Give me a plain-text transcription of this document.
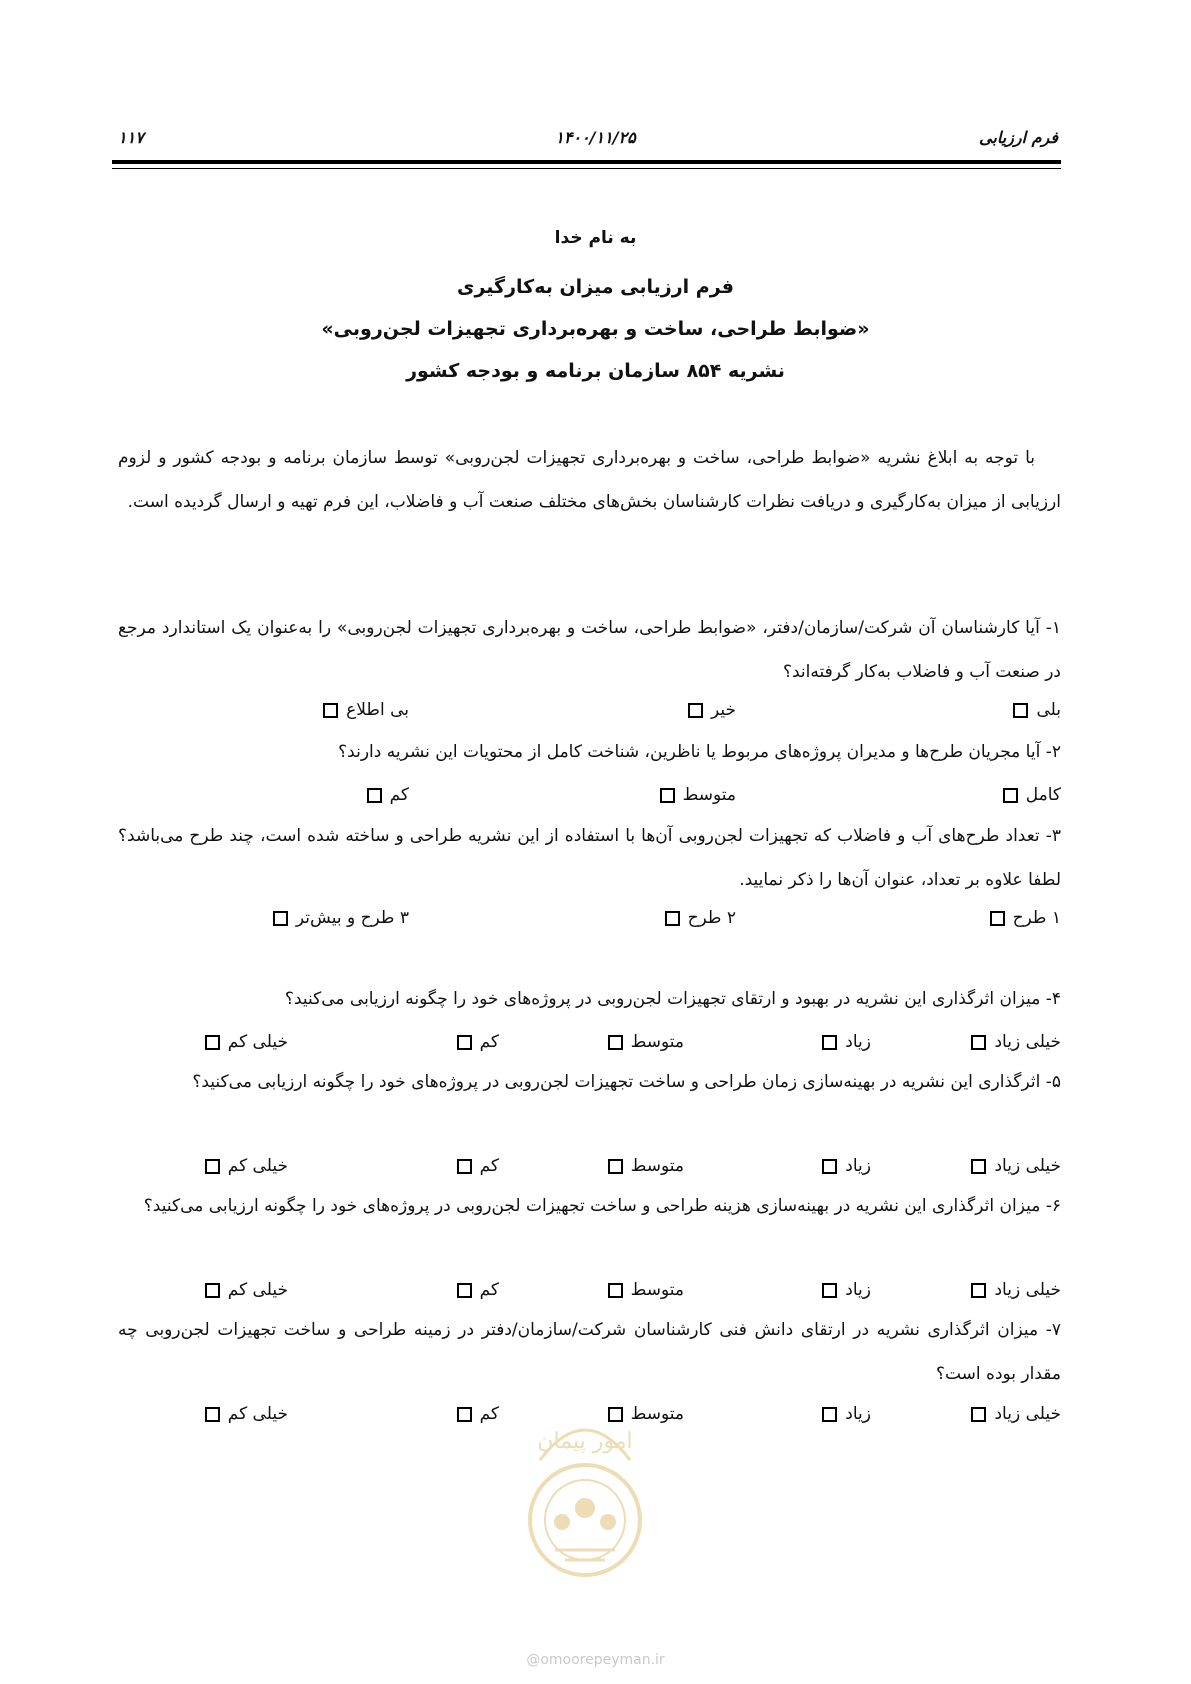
فرم ارزیابی
۱۴۰۰/۱۱/۲۵
۱۱۷
به نام خدا
فرم ارزیابی میزان به‌کارگیری
«ضوابط طراحی، ساخت و بهره‌برداری تجهیزات لجن‌روبی»
نشریه ۸۵۴ سازمان برنامه و بودجه کشور
با توجه به ابلاغ نشریه «ضوابط طراحی، ساخت و بهره‌برداری تجهیزات لجن‌روبی» توسط سازمان برنامه و بودجه کشور و لزوم ارزیابی از میزان به‌کارگیری و دریافت نظرات کارشناسان بخش‌های مختلف صنعت آب و فاضلاب، این فرم تهیه و ارسال گردیده است.
۱- آیا کارشناسان آن شرکت/سازمان/دفتر، «ضوابط طراحی، ساخت و بهره‌برداری تجهیزات لجن‌روبی» را به‌عنوان یک استاندارد مرجع در صنعت آب و فاضلاب به‌کار گرفته‌اند؟
بلی
خیر
بی اطلاع
۲- آیا مجریان طرح‌ها و مدیران پروژه‌های مربوط یا ناظرین، شناخت کامل از محتویات این نشریه دارند؟
کامل
متوسط
کم
۳- تعداد طرح‌های آب و فاضلاب که تجهیزات لجن‌روبی آن‌ها با استفاده از این نشریه طراحی و ساخته شده است، چند طرح می‌باشد؟ لطفا علاوه بر تعداد، عنوان آن‌ها را ذکر نمایید.
۱ طرح
۲ طرح
۳ طرح و بیش‌تر
۴- میزان اثرگذاری این نشریه در بهبود و ارتقای تجهیزات لجن‌روبی در پروژه‌های خود را چگونه ارزیابی می‌کنید؟
خیلی زیاد
زیاد
متوسط
کم
خیلی کم
۵- اثرگذاری این نشریه در بهینه‌سازی زمان طراحی و ساخت تجهیزات لجن‌روبی در پروژه‌های خود را چگونه ارزیابی می‌کنید؟
خیلی زیاد
زیاد
متوسط
کم
خیلی کم
۶- میزان اثرگذاری این نشریه در بهینه‌سازی هزینه طراحی و ساخت تجهیزات لجن‌روبی در پروژه‌های خود را چگونه ارزیابی می‌کنید؟
خیلی زیاد
زیاد
متوسط
کم
خیلی کم
۷- میزان اثرگذاری نشریه در ارتقای دانش فنی کارشناسان شرکت/سازمان/دفتر در زمینه طراحی و ساخت تجهیزات لجن‌روبی چه مقدار بوده است؟
خیلی زیاد
زیاد
متوسط
کم
خیلی کم
امور پیمان
@omoorepeyman.ir
